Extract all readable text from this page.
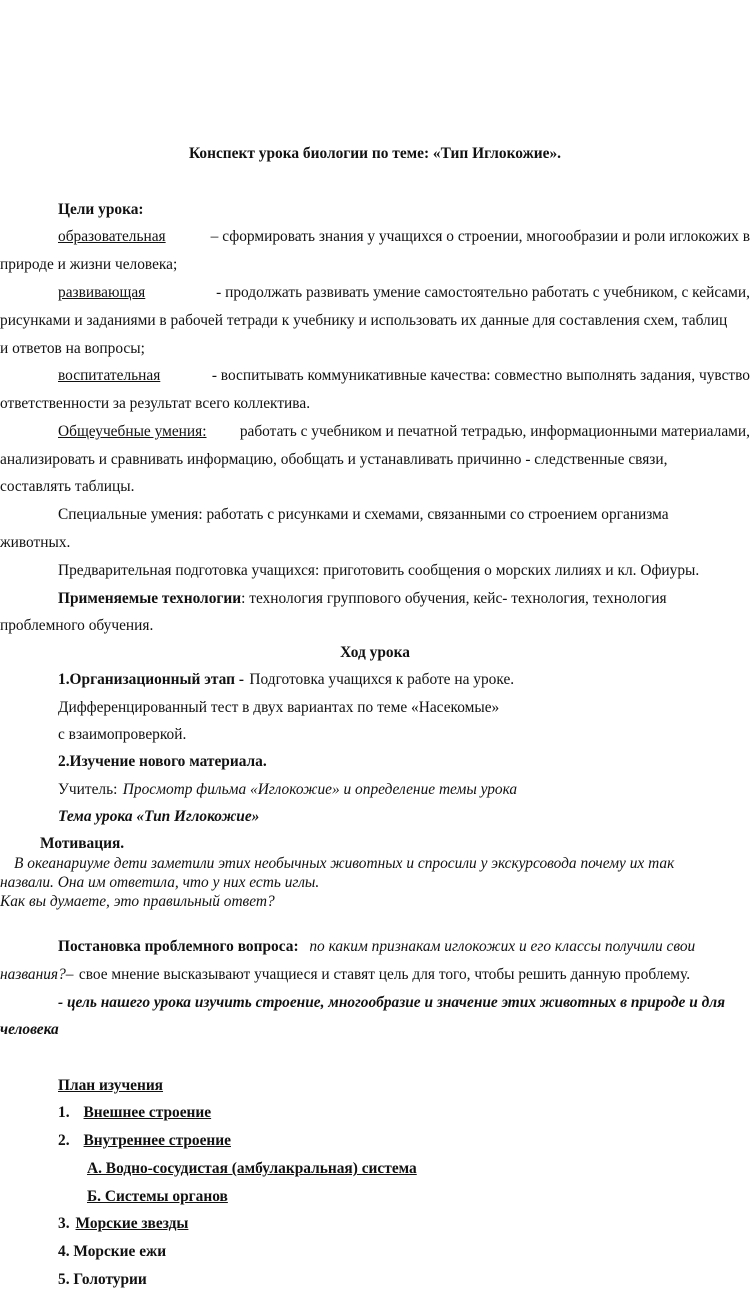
Конспект урока биологии по теме: «Тип Иглокожие».
Цели урока:
образовательная	– сформировать знания у учащихся о строении, многообразии и роли иглокожих в
природе и жизни человека;
развивающая	- продолжать развивать умение самостоятельно работать с учебником, с кейсами,
рисунками и заданиями в рабочей тетради к учебнику и использовать их данные для составления схем, таблиц
и ответов на вопросы;
воспитательная	- воспитывать коммуникативные качества: совместно выполнять задания, чувство
ответственности за результат всего коллектива.
Общеучебные умения: работать с учебником и печатной тетрадью, информационными материалами,
анализировать и сравнивать информацию, обобщать и устанавливать причинно - следственные связи,
составлять таблицы.
Специальные умения: работать с рисунками и схемами, связанными со строением организма
животных.
Предварительная подготовка учащихся: приготовить сообщения о морских лилиях и кл. Офиуры.
Применяемые технологии: технология группового обучения, кейс- технология, технология
проблемного обучения.
Ход урока
1.Организационный этап - Подготовка учащихся к работе на уроке.
Дифференцированный тест в двух вариантах по теме «Насекомые»
с взаимопроверкой.
2.Изучение нового материала.
Учитель: Просмотр фильма «Иглокожие» и определение темы урока
Тема урока «Тип Иглокожие»
Мотивация.
В океанариуме дети заметили этих необычных животных и спросили у экскурсовода почему их так
назвали. Она им ответила, что у них есть иглы.
Как вы думаете, это правильный ответ?
Постановка проблемного вопроса: по каким признакам иглокожих и его классы получили свои
названия?– свое мнение высказывают учащиеся и ставят цель для того, чтобы решить данную проблему.
- цель нашего урока изучить строение, многообразие и значение этих животных в природе и для
человека
План изучения
1. Внешнее строение
2. Внутреннее строение
А. Водно-сосудистая (амбулакральная) система
Б. Системы органов
3. Морские звезды
4. Морские ежи
5. Голотурии
